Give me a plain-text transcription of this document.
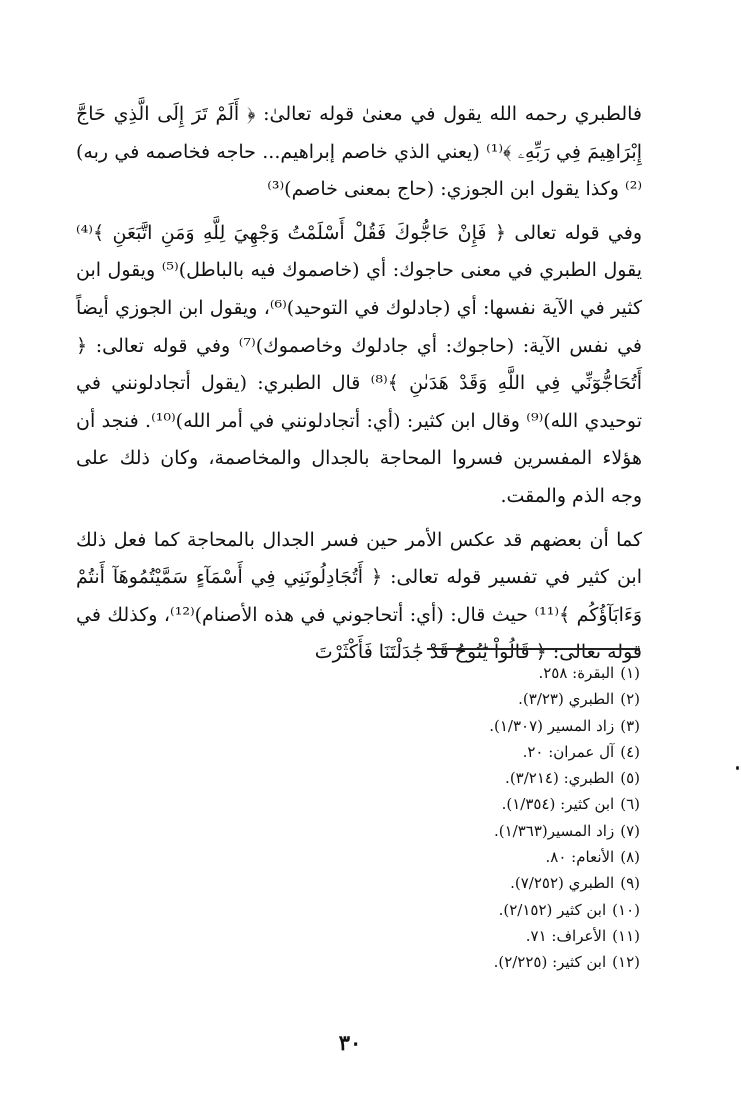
فالطبري رحمه الله يقول في معنىٰ قوله تعالىٰ: ﴿ أَلَمْ تَرَ إِلَى الَّذِي حَاجَّ إِبْرَاهِيمَ فِي رَبِّهِۦ ﴾⁽¹⁾ (يعني الذي خاصم إبراهيم... حاجه فخاصمه في ربه)⁽²⁾ وكذا يقول ابن الجوزي: (حاج بمعنى خاصم)⁽³⁾

وفي قوله تعالى ﴿ فَإِنْ حَاجُّوكَ فَقُلْ أَسْلَمْتُ وَجْهِيَ لِلَّهِ وَمَنِ اتَّبَعَنِ ﴾⁽⁴⁾ يقول الطبري في معنى حاجوك: أي (خاصموك فيه بالباطل)⁽⁵⁾ ويقول ابن كثير في الآية نفسها: أي (جادلوك في التوحيد)⁽⁶⁾، ويقول ابن الجوزي أيضاً في نفس الآية: (حاجوك: أي جادلوك وخاصموك)⁽⁷⁾ وفي قوله تعالى: ﴿ أَتُحَاجُّوٓنِّي فِي اللَّهِ وَقَدْ هَدَىٰنِ ﴾⁽⁸⁾ قال الطبري: (يقول أتجادلونني في توحيدي الله)⁽⁹⁾ وقال ابن كثير: (أي: أتجادلونني في أمر الله)⁽¹⁰⁾. فنجد أن هؤلاء المفسرين فسروا المحاجة بالجدال والمخاصمة، وكان ذلك على وجه الذم والمقت.

كما أن بعضهم قد عكس الأمر حين فسر الجدال بالمحاجة كما فعل ذلك ابن كثير في تفسير قوله تعالى: ﴿ أَتُجَادِلُونَنِي فِي أَسْمَآءٍ سَمَّيْتُمُوهَآ أَنتُمْ وَءَابَآؤُكُم ﴾⁽¹¹⁾ حيث قال: (أي: أتحاجوني في هذه الأصنام)⁽¹²⁾، وكذلك في قوله تعالى: ﴿ قَالُواْ يَٰنُوحُ قَدْ جَٰدَلْتَنَا فَأَكْثَرْتَ

(١)البقرة: ٢٥٨.
(٢)الطبري (٣/٢٣).
(٣)زاد المسير (١/٣٠٧).
(٤)آل عمران: ٢٠.
(٥)الطبري: (٣/٢١٤).
(٦)ابن كثير: (١/٣٥٤).
(٧)زاد المسير(١/٣٦٣).
(٨)الأنعام: ٨٠.
(٩)الطبري (٧/٢٥٢).
(١٠)ابن كثير (٢/١٥٢).
(١١)الأعراف: ٧١.
(١٢)ابن كثير: (٢/٢٢٥).
٣٠
